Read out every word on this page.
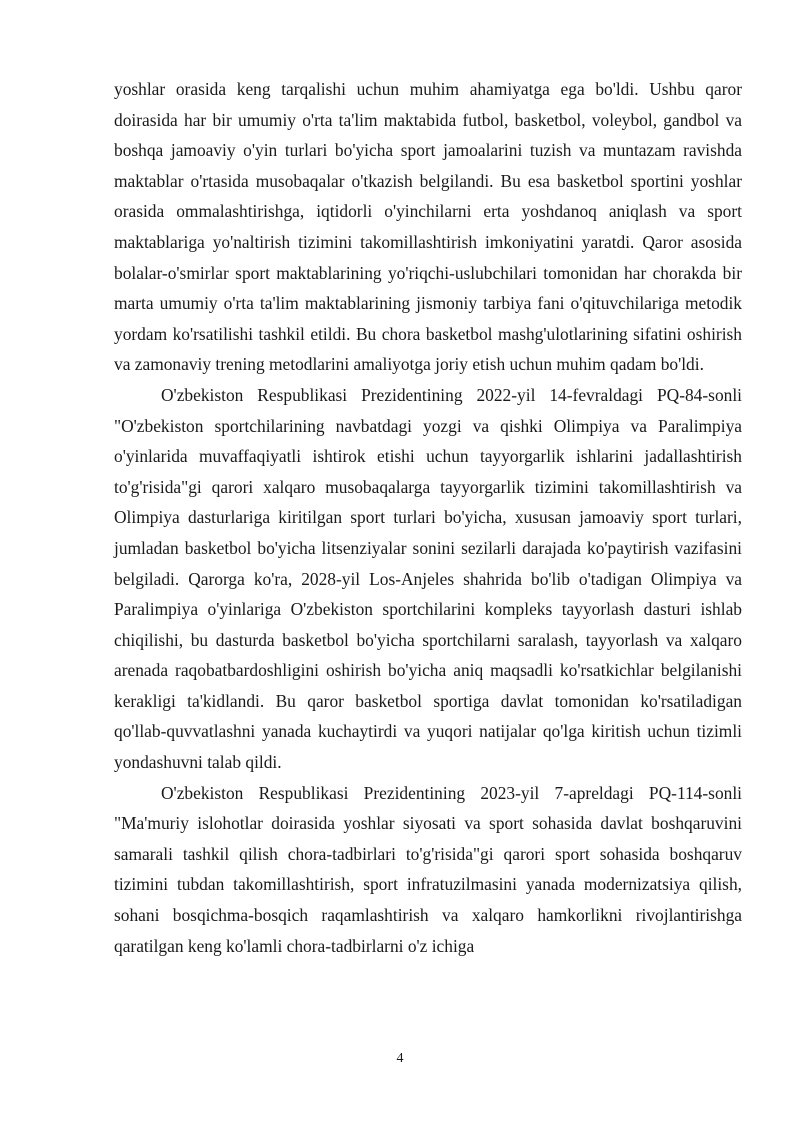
yoshlar orasida keng tarqalishi uchun muhim ahamiyatga ega bo'ldi. Ushbu qaror doirasida har bir umumiy o'rta ta'lim maktabida futbol, basketbol, voleybol, gandbol va boshqa jamoaviy o'yin turlari bo'yicha sport jamoalarini tuzish va muntazam ravishda maktablar o'rtasida musobaqalar o'tkazish belgilandi. Bu esa basketbol sportini yoshlar orasida ommalashtirishga, iqtidorli o'yinchilarni erta yoshdanoq aniqlash va sport maktablariga yo'naltirish tizimini takomillashtirish imkoniyatini yaratdi. Qaror asosida bolalar-o'smirlar sport maktablarining yo'riqchi-uslubchilari tomonidan har chorakda bir marta umumiy o'rta ta'lim maktablarining jismoniy tarbiya fani o'qituvchilariga metodik yordam ko'rsatilishi tashkil etildi. Bu chora basketbol mashg'ulotlarining sifatini oshirish va zamonaviy trening metodlarini amaliyotga joriy etish uchun muhim qadam bo'ldi.

O'zbekiston Respublikasi Prezidentining 2022-yil 14-fevraldagi PQ-84-sonli "O'zbekiston sportchilarining navbatdagi yozgi va qishki Olimpiya va Paralimpiya o'yinlarida muvaffaqiyatli ishtirok etishi uchun tayyorgarlik ishlarini jadallashtirish to'g'risida"gi qarori xalqaro musobaqalarga tayyorgarlik tizimini takomillashtirish va Olimpiya dasturlariga kiritilgan sport turlari bo'yicha, xususan jamoaviy sport turlari, jumladan basketbol bo'yicha litsenziyalar sonini sezilarli darajada ko'paytirish vazifasini belgiladi. Qarorga ko'ra, 2028-yil Los-Anjeles shahrida bo'lib o'tadigan Olimpiya va Paralimpiya o'yinlariga O'zbekiston sportchilarini kompleks tayyorlash dasturi ishlab chiqilishi, bu dasturda basketbol bo'yicha sportchilarni saralash, tayyorlash va xalqaro arenada raqobatbardoshligini oshirish bo'yicha aniq maqsadli ko'rsatkichlar belgilanishi kerakligi ta'kidlandi. Bu qaror basketbol sportiga davlat tomonidan ko'rsatiladigan qo'llab-quvvatlashni yanada kuchaytirdi va yuqori natijalar qo'lga kiritish uchun tizimli yondashuvni talab qildi.

O'zbekiston Respublikasi Prezidentining 2023-yil 7-apreldagi PQ-114-sonli "Ma'muriy islohotlar doirasida yoshlar siyosati va sport sohasida davlat boshqaruvini samarali tashkil qilish chora-tadbirlari to'g'risida"gi qarori sport sohasida boshqaruv tizimini tubdan takomillashtirish, sport infratuzilmasini yanada modernizatsiya qilish, sohani bosqichma-bosqich raqamlashtirish va xalqaro hamkorlikni rivojlantirishga qaratilgan keng ko'lamli chora-tadbirlarni o'z ichiga

4
